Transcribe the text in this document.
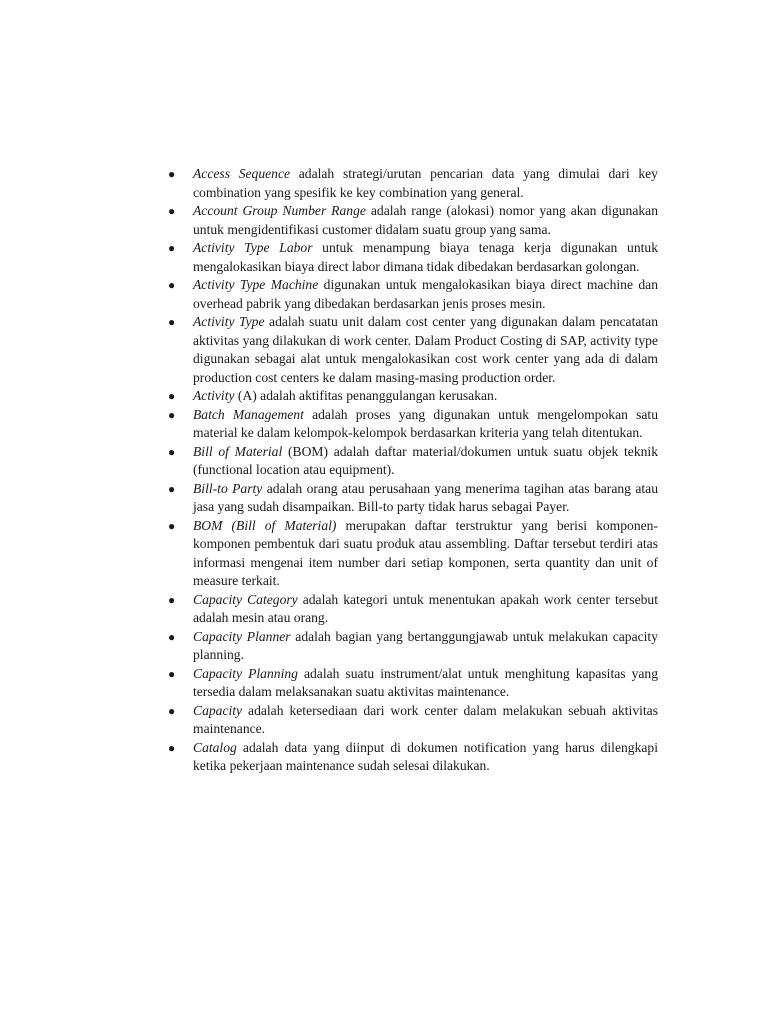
● Access Sequence adalah strategi/urutan pencarian data yang dimulai dari key combination yang spesifik ke key combination yang general.
● Account Group Number Range adalah range (alokasi) nomor yang akan digunakan untuk mengidentifikasi customer didalam suatu group yang sama.
● Activity Type Labor untuk menampung biaya tenaga kerja digunakan untuk mengalokasikan biaya direct labor dimana tidak dibedakan berdasarkan golongan.
● Activity Type Machine digunakan untuk mengalokasikan biaya direct machine dan overhead pabrik yang dibedakan berdasarkan jenis proses mesin.
● Activity Type adalah suatu unit dalam cost center yang digunakan dalam pencatatan aktivitas yang dilakukan di work center. Dalam Product Costing di SAP, activity type digunakan sebagai alat untuk mengalokasikan cost work center yang ada di dalam production cost centers ke dalam masing-masing production order.
● Activity (A) adalah aktifitas penanggulangan kerusakan.
● Batch Management adalah proses yang digunakan untuk mengelompokan satu material ke dalam kelompok-kelompok berdasarkan kriteria yang telah ditentukan.
● Bill of Material (BOM) adalah daftar material/dokumen untuk suatu objek teknik (functional location atau equipment).
● Bill-to Party adalah orang atau perusahaan yang menerima tagihan atas barang atau jasa yang sudah disampaikan. Bill-to party tidak harus sebagai Payer.
● BOM (Bill of Material) merupakan daftar terstruktur yang berisi komponen-komponen pembentuk dari suatu produk atau assembling. Daftar tersebut terdiri atas informasi mengenai item number dari setiap komponen, serta quantity dan unit of measure terkait.
● Capacity Category adalah kategori untuk menentukan apakah work center tersebut adalah mesin atau orang.
● Capacity Planner adalah bagian yang bertanggungjawab untuk melakukan capacity planning.
● Capacity Planning adalah suatu instrument/alat untuk menghitung kapasitas yang tersedia dalam melaksanakan suatu aktivitas maintenance.
● Capacity adalah ketersediaan dari work center dalam melakukan sebuah aktivitas maintenance.
● Catalog adalah data yang diinput di dokumen notification yang harus dilengkapi ketika pekerjaan maintenance sudah selesai dilakukan.
